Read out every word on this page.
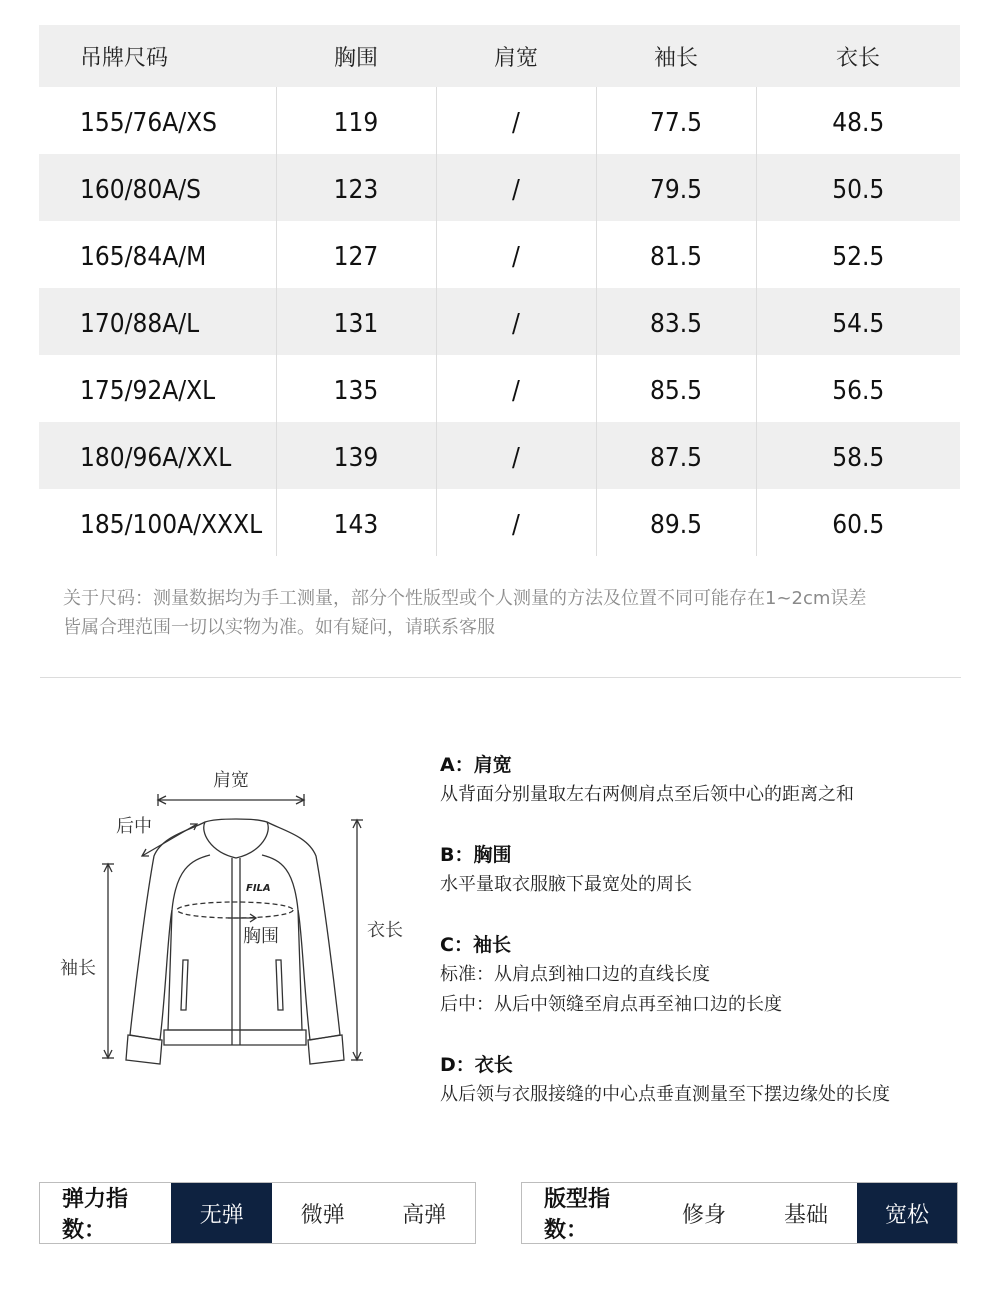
吊牌尺码	胸围	肩宽	袖长	衣长
155/76A/XS	119	/	77.5	48.5
160/80A/S	123	/	79.5	50.5
165/84A/M	127	/	81.5	52.5
170/88A/L	131	/	83.5	54.5
175/92A/XL	135	/	85.5	56.5
180/96A/XXL	139	/	87.5	58.5
185/100A/XXXL	143	/	89.5	60.5
关于尺码：测量数据均为手工测量，部分个性版型或个人测量的方法及位置不同可能存在1~2cm误差
皆属合理范围一切以实物为准。如有疑问，请联系客服
肩宽
后中
胸围
袖长
衣长
FILA
A：肩宽
从背面分别量取左右两侧肩点至后领中心的距离之和
B：胸围
水平量取衣服腋下最宽处的周长
C：袖长
标准：从肩点到袖口边的直线长度
后中：从后中领缝至肩点再至袖口边的长度
D：衣长
从后领与衣服接缝的中心点垂直测量至下摆边缘处的长度
弹力指数：
无弹	微弹	高弹
版型指数：
修身	基础	宽松
